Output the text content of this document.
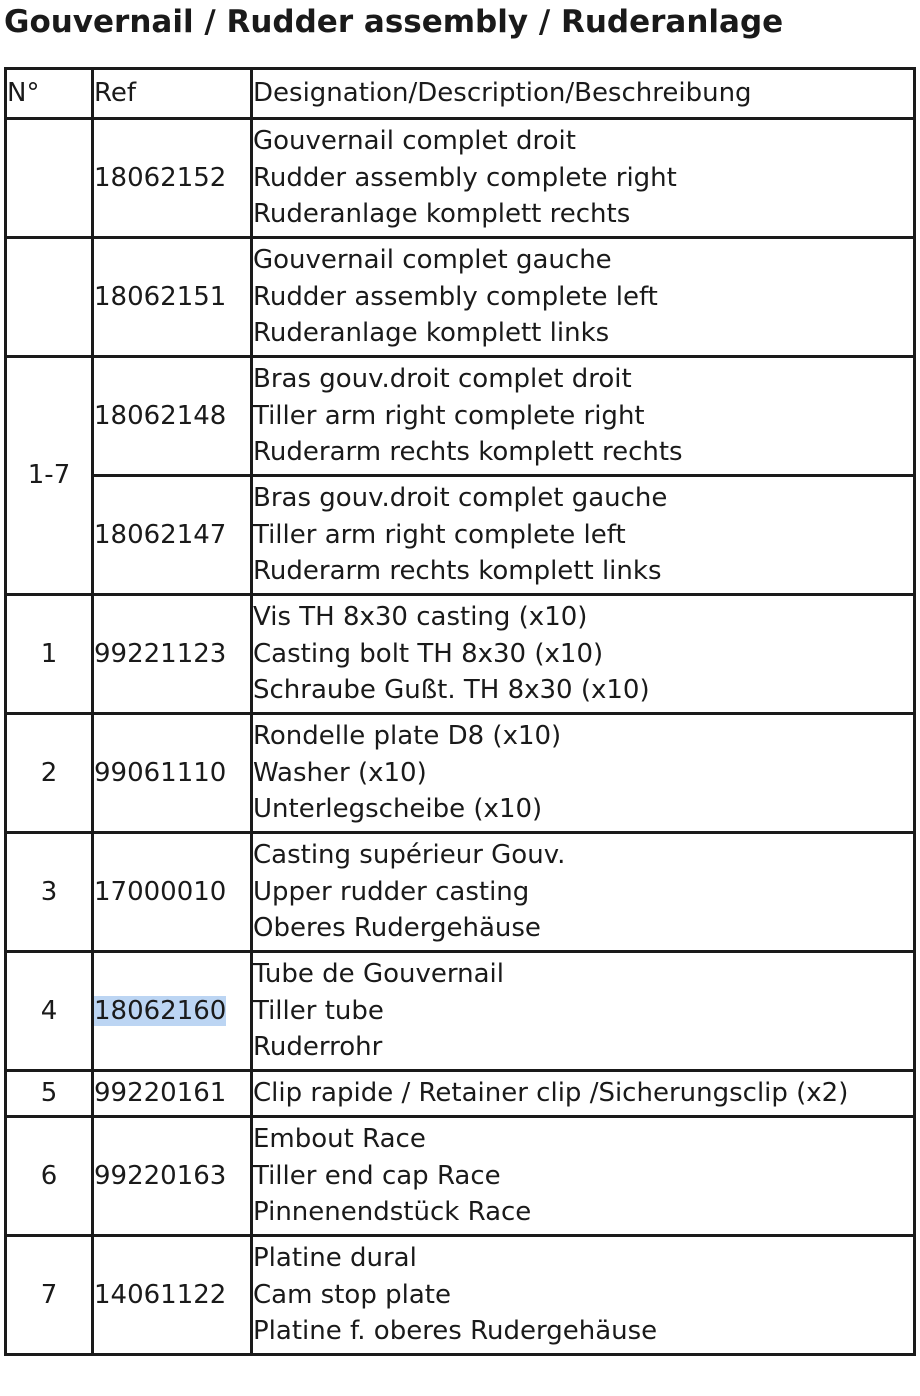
Gouvernail / Rudder assembly / Ruderanlage
N°	Ref	Designation/Description/Beschreibung
	18062152	Gouvernail complet droit
Rudder assembly complete right
Ruderanlage komplett rechts

	18062151	Gouvernail complet gauche
Rudder assembly complete left
Ruderanlage komplett links

1-7	18062148	Bras gouv.droit complet droit
Tiller arm right complete right
Ruderarm rechts komplett rechts

	18062147	Bras gouv.droit complet gauche
Tiller arm right complete left
Ruderarm rechts komplett links

1	99221123	Vis TH 8x30 casting (x10)
Casting bolt TH 8x30 (x10)
Schraube Gußt. TH 8x30 (x10)

2	99061110	Rondelle plate D8 (x10)
Washer (x10)
Unterlegscheibe (x10)

3	17000010	Casting supérieur Gouv.
Upper rudder casting
Oberes Rudergehäuse

4	18062160	Tube de Gouvernail
Tiller tube
Ruderrohr

5	99220161	Clip rapide / Retainer clip /Sicherungsclip (x2)

6	99220163	Embout Race
Tiller end cap Race
Pinnenendstück Race

7	14061122	Platine dural
Cam stop plate
Platine f. oberes Rudergehäuse
